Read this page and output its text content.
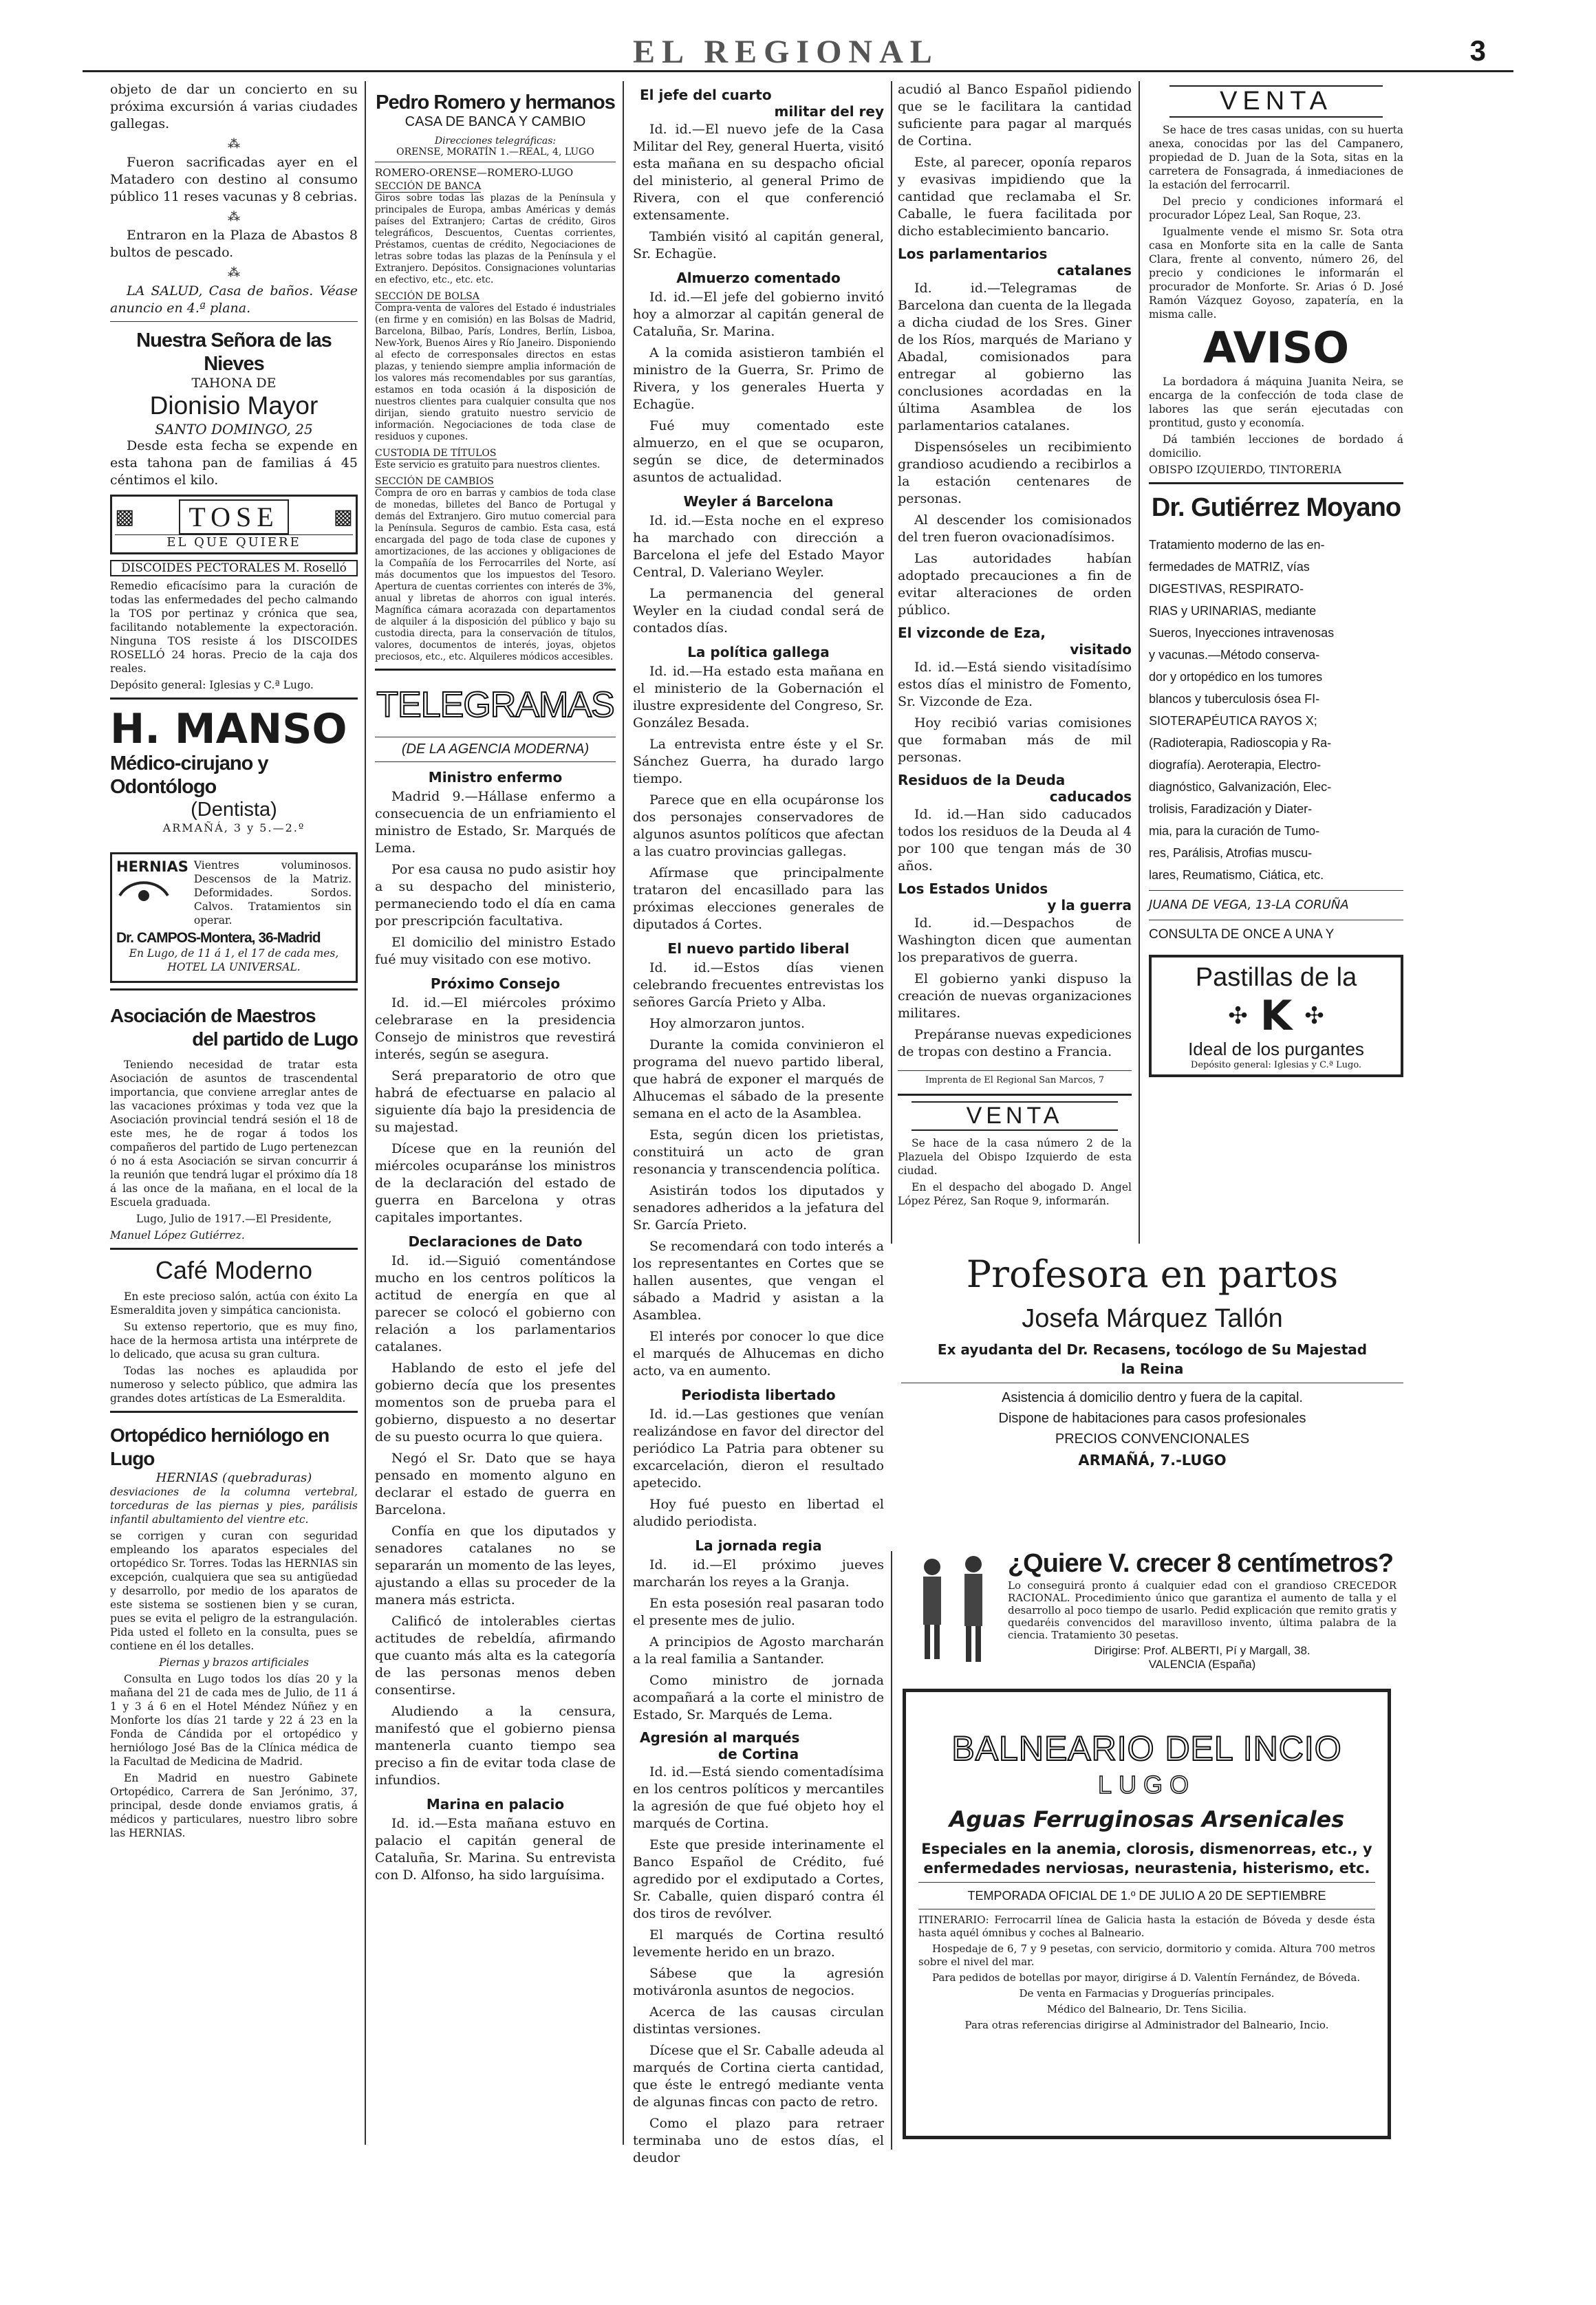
EL REGIONAL	3

objeto de dar un concierto en su próxima excursión á varias ciudades gallegas.

⁂

Fueron sacrificadas ayer en el Matadero con destino al consumo público 11 reses vacunas y 8 cebrias.

⁂

Entraron en la Plaza de Abastos 8 bultos de pescado.

⁂

LA SALUD, Casa de baños. Véase anuncio en 4.ª plana.

Nuestra Señora de las Nieves
TAHONA DE
Dionisio Mayor
SANTO DOMINGO, 25

Desde esta fecha se expende en esta tahona pan de familias á 45 céntimos el kilo.

▩	TOSE	▩
EL QUE QUIERE
DISCOIDES PECTORALES M. Roselló

Remedio eficacísimo para la curación de todas las enfermedades del pecho calmando la TOS por pertinaz y crónica que sea, facilitando notablemente la expectoración. Ninguna TOS resiste á los DISCOIDES ROSELLÓ 24 horas. Precio de la caja dos reales.

Depósito general: Iglesias y C.ª Lugo.

H. MANSO
Médico-cirujano y Odontólogo
(Dentista)
ARMAÑÁ, 3 y 5.—2.º
HERNIAS Vientres voluminosos. Descensos de la Matriz. Deformidades. Sordos. Calvos. Tratamientos sin operar.

Dr. CAMPOS-Montera, 36-Madrid

En Lugo, de 11 á 1, el 17 de cada mes, HOTEL LA UNIVERSAL.

Asociación de Maestros
del partido de Lugo

Teniendo necesidad de tratar esta Asociación de asuntos de trascendental importancia, que conviene arreglar antes de las vacaciones próximas y toda vez que la Asociación provincial tendrá sesión el 18 de este mes, he de rogar á todos los compañeros del partido de Lugo pertenezcan ó no á esta Asociación se sirvan concurrir á la reunión que tendrá lugar el próximo día 18 á las once de la mañana, en el local de la Escuela graduada.

Lugo, Julio de 1917.—El Presidente,

Manuel López Gutiérrez.

Café Moderno

En este precioso salón, actúa con éxito La Esmeraldita joven y simpática cancionista.

Su extenso repertorio, que es muy fino, hace de la hermosa artista una intérprete de lo delicado, que acusa su gran cultura.

Todas las noches es aplaudida por numeroso y selecto público, que admira las grandes dotes artísticas de La Esmeraldita.

Ortopédico herniólogo en Lugo
HERNIAS (quebraduras)

desviaciones de la columna vertebral, torceduras de las piernas y pies, parálisis infantil abultamiento del vientre etc.

se corrigen y curan con seguridad empleando los aparatos especiales del ortopédico Sr. Torres. Todas las HERNIAS sin excepción, cualquiera que sea su antigüedad y desarrollo, por medio de los aparatos de este sistema se sostienen bien y se curan, pues se evita el peligro de la estrangulación. Pida usted el folleto en la consulta, pues se contiene en él los detalles.

Piernas y brazos artificiales

Consulta en Lugo todos los días 20 y la mañana del 21 de cada mes de Julio, de 11 á 1 y 3 á 6 en el Hotel Méndez Núñez y en Monforte los días 21 tarde y 22 á 23 en la Fonda de Cándida por el ortopédico y herniólogo José Bas de la Clínica médica de la Facultad de Medicina de Madrid.

En Madrid en nuestro Gabinete Ortopédico, Carrera de San Jerónimo, 37, principal, desde donde enviamos gratis, á médicos y particulares, nuestro libro sobre las HERNIAS.

Pedro Romero y hermanos
CASA DE BANCA Y CAMBIO
Direcciones telegráficas:
ORENSE, MORATÍN 1.—REAL, 4, LUGO
ROMERO-ORENSE—ROMERO-LUGO
SECCIÓN DE BANCA

Giros sobre todas las plazas de la Península y principales de Europa, ambas Américas y demás países del Extranjero; Cartas de crédito, Giros telegráficos, Descuentos, Cuentas corrientes, Préstamos, cuentas de crédito, Negociaciones de letras sobre todas las plazas de la Península y el Extranjero. Depósitos. Consignaciones voluntarias en efectivo, etc., etc. etc.

SECCIÓN DE BOLSA

Compra-venta de valores del Estado é industriales (en firme y en comisión) en las Bolsas de Madrid, Barcelona, Bilbao, París, Londres, Berlín, Lisboa, New-York, Buenos Aires y Río Janeiro. Disponiendo al efecto de corresponsales directos en estas plazas, y teniendo siempre amplia información de los valores más recomendables por sus garantías, estamos en toda ocasión á la disposición de nuestros clientes para cualquier consulta que nos dirijan, siendo gratuito nuestro servicio de información. Negociaciones de toda clase de residuos y cupones.

CUSTODIA DE TÍTULOS

Este servicio es gratuito para nuestros clientes.

SECCIÓN DE CAMBIOS

Compra de oro en barras y cambios de toda clase de monedas, billetes del Banco de Portugal y demás del Extranjero. Giro mutuo comercial para la Península. Seguros de cambio. Esta casa, está encargada del pago de toda clase de cupones y amortizaciones, de las acciones y obligaciones de la Compañía de los Ferrocarriles del Norte, así más documentos que los impuestos del Tesoro. Apertura de cuentas corrientes con interés de 3%, anual y libretas de ahorros con igual interés. Magnífica cámara acorazada con departamentos de alquiler á la disposición del público y bajo su custodia directa, para la conservación de títulos, valores, documentos de interés, joyas, objetos preciosos, etc., etc. Alquileres módicos accesibles.

TELEGRAMAS
(DE LA AGENCIA MODERNA)
Ministro enfermo

Madrid 9.—Hállase enfermo a consecuencia de un enfriamiento el ministro de Estado, Sr. Marqués de Lema.

Por esa causa no pudo asistir hoy a su despacho del ministerio, permaneciendo todo el día en cama por prescripción facultativa.

El domicilio del ministro Estado fué muy visitado con ese motivo.

Próximo Consejo

Id. id.—El miércoles próximo celebrarase en la presidencia Consejo de ministros que revestirá interés, según se asegura.

Será preparatorio de otro que habrá de efectuarse en palacio al siguiente día bajo la presidencia de su majestad.

Dícese que en la reunión del miércoles ocuparánse los ministros de la declaración del estado de guerra en Barcelona y otras capitales importantes.

Declaraciones de Dato

Id. id.—Siguió comentándose mucho en los centros políticos la actitud de energía en que al parecer se colocó el gobierno con relación a los parlamentarios catalanes.

Hablando de esto el jefe del gobierno decía que los presentes momentos son de prueba para el gobierno, dispuesto a no desertar de su puesto ocurra lo que quiera.

Negó el Sr. Dato que se haya pensado en momento alguno en declarar el estado de guerra en Barcelona.

Confía en que los diputados y senadores catalanes no se separarán un momento de las leyes, ajustando a ellas su proceder de la manera más estricta.

Calificó de intolerables ciertas actitudes de rebeldía, afirmando que cuanto más alta es la categoría de las personas menos deben consentirse.

Aludiendo a la censura, manifestó que el gobierno piensa mantenerla cuanto tiempo sea preciso a fin de evitar toda clase de infundios.

Marina en palacio

Id. id.—Esta mañana estuvo en palacio el capitán general de Cataluña, Sr. Marina. Su entrevista con D. Alfonso, ha sido larguísima.

El jefe del cuarto
militar del rey

Id. id.—El nuevo jefe de la Casa Militar del Rey, general Huerta, visitó esta mañana en su despacho oficial del ministerio, al general Primo de Rivera, con el que conferenció extensamente.

También visitó al capitán general, Sr. Echagüe.

Almuerzo comentado

Id. id.—El jefe del gobierno invitó hoy a almorzar al capitán general de Cataluña, Sr. Marina.

A la comida asistieron también el ministro de la Guerra, Sr. Primo de Rivera, y los generales Huerta y Echagüe.

Fué muy comentado este almuerzo, en el que se ocuparon, según se dice, de determinados asuntos de actualidad.

Weyler á Barcelona

Id. id.—Esta noche en el expreso ha marchado con dirección a Barcelona el jefe del Estado Mayor Central, D. Valeriano Weyler.

La permanencia del general Weyler en la ciudad condal será de contados días.

La política gallega

Id. id.—Ha estado esta mañana en el ministerio de la Gobernación el ilustre expresidente del Congreso, Sr. González Besada.

La entrevista entre éste y el Sr. Sánchez Guerra, ha durado largo tiempo.

Parece que en ella ocupáronse los dos personajes conservadores de algunos asuntos políticos que afectan a las cuatro provincias gallegas.

Afírmase que principalmente trataron del encasillado para las próximas elecciones generales de diputados á Cortes.

El nuevo partido liberal

Id. id.—Estos días vienen celebrando frecuentes entrevistas los señores García Prieto y Alba.

Hoy almorzaron juntos.

Durante la comida convinieron el programa del nuevo partido liberal, que habrá de exponer el marqués de Alhucemas el sábado de la presente semana en el acto de la Asamblea.

Esta, según dicen los prietistas, constituirá un acto de gran resonancia y transcendencia política.

Asistirán todos los diputados y senadores adheridos a la jefatura del Sr. García Prieto.

Se recomendará con todo interés a los representantes en Cortes que se hallen ausentes, que vengan el sábado a Madrid y asistan a la Asamblea.

El interés por conocer lo que dice el marqués de Alhucemas en dicho acto, va en aumento.

Periodista libertado

Id. id.—Las gestiones que venían realizándose en favor del director del periódico La Patria para obtener su excarcelación, dieron el resultado apetecido.

Hoy fué puesto en libertad el aludido periodista.

La jornada regia

Id. id.—El próximo jueves marcharán los reyes a la Granja.

En esta posesión real pasaran todo el presente mes de julio.

A principios de Agosto marcharán a la real familia a Santander.

Como ministro de jornada acompañará a la corte el ministro de Estado, Sr. Marqués de Lema.

Agresión al marqués
de Cortina

Id. id.—Está siendo comentadísima en los centros políticos y mercantiles la agresión de que fué objeto hoy el marqués de Cortina.

Este que preside interinamente el Banco Español de Crédito, fué agredido por el exdiputado a Cortes, Sr. Caballe, quien disparó contra él dos tiros de revólver.

El marqués de Cortina resultó levemente herido en un brazo.

Sábese que la agresión motiváronla asuntos de negocios.

Acerca de las causas circulan distintas versiones.

Dícese que el Sr. Caballe adeuda al marqués de Cortina cierta cantidad, que éste le entregó mediante venta de algunas fincas con pacto de retro.

Como el plazo para retraer terminaba uno de estos días, el deudor

acudió al Banco Español pidiendo que se le facilitara la cantidad suficiente para pagar al marqués de Cortina.

Este, al parecer, oponía reparos y evasivas impidiendo que la cantidad que reclamaba el Sr. Caballe, le fuera facilitada por dicho establecimiento bancario.

Los parlamentarios
catalanes

Id. id.—Telegramas de Barcelona dan cuenta de la llegada a dicha ciudad de los Sres. Giner de los Ríos, marqués de Mariano y Abadal, comisionados para entregar al gobierno las conclusiones acordadas en la última Asamblea de los parlamentarios catalanes.

Dispensóseles un recibimiento grandioso acudiendo a recibirlos a la estación centenares de personas.

Al descender los comisionados del tren fueron ovacionadísimos.

Las autoridades habían adoptado precauciones a fin de evitar alteraciones de orden público.

El vizconde de Eza,
visitado

Id. id.—Está siendo visitadísimo estos días el ministro de Fomento, Sr. Vizconde de Eza.

Hoy recibió varias comisiones que formaban más de mil personas.

Residuos de la Deuda
caducados

Id. id.—Han sido caducados todos los residuos de la Deuda al 4 por 100 que tengan más de 30 años.

Los Estados Unidos
y la guerra

Id. id.—Despachos de Washington dicen que aumentan los preparativos de guerra.

El gobierno yanki dispuso la creación de nuevas organizaciones militares.

Prepáranse nuevas expediciones de tropas con destino a Francia.

Imprenta de El Regional San Marcos, 7
VENTA

Se hace de la casa número 2 de la Plazuela del Obispo Izquierdo de esta ciudad.

En el despacho del abogado D. Angel López Pérez, San Roque 9, informarán.

VENTA

Se hace de tres casas unidas, con su huerta anexa, conocidas por las del Campanero, propiedad de D. Juan de la Sota, sitas en la carretera de Fonsagrada, á inmediaciones de la estación del ferrocarril.

Del precio y condiciones informará el procurador López Leal, San Roque, 23.

Igualmente vende el mismo Sr. Sota otra casa en Monforte sita en la calle de Santa Clara, frente al convento, número 26, del precio y condiciones le informarán el procurador de Monforte. Sr. Arias ó D. José Ramón Vázquez Goyoso, zapatería, en la misma calle.

AVISO

La bordadora á máquina Juanita Neira, se encarga de la confección de toda clase de labores las que serán ejecutadas con prontitud, gusto y economía.

Dá también lecciones de bordado á domicilio.

OBISPO IZQUIERDO, TINTORERIA

Dr. Gutiérrez Moyano
Tratamiento moderno de las en-
fermedades de MATRIZ, vías
DIGESTIVAS, RESPIRATO-
RIAS y URINARIAS, mediante
Sueros, Inyecciones intravenosas
y vacunas.—Método conserva-
dor y ortopédico en los tumores
blancos y tuberculosis ósea FI-
SIOTERAPÉUTICA RAYOS X;
(Radioterapia, Radioscopia y Ra-
diografía). Aeroterapia, Electro-
diagnóstico, Galvanización, Elec-
trolisis, Faradización y Diater-
mia, para la curación de Tumo-
res, Parálisis, Atrofias muscu-
lares, Reumatismo, Ciática, etc.
JUANA DE VEGA, 13-LA CORUÑA
CONSULTA DE ONCE A UNA Y
Pastillas de la
✣ K ✣
Ideal de los purgantes
Depósito general: Iglesias y C.ª Lugo.
Profesora en partos
Josefa Márquez Tallón
Ex ayudanta del Dr. Recasens, tocólogo de Su Majestad la Reina
Asistencia á domicilio dentro y fuera de la capital.
Dispone de habitaciones para casos profesionales
PRECIOS CONVENCIONALES
ARMAÑÁ, 7.-LUGO
¿Quiere V. crecer 8 centímetros?

Lo conseguirá pronto á cualquier edad con el grandioso CRECEDOR RACIONAL. Procedimiento único que garantiza el aumento de talla y el desarrollo al poco tiempo de usarlo. Pedid explicación que remito gratis y quedaréis convencidos del maravilloso invento, última palabra de la ciencia. Tratamiento 30 pesetas.

Dirigirse: Prof. ALBERTI, Pí y Margall, 38.
VALENCIA (España)
BALNEARIO DEL INCIO
LUGO
Aguas Ferruginosas Arsenicales
Especiales en la anemia, clorosis, dismenorreas, etc., y enfermedades nerviosas, neurastenia, histerismo, etc.
TEMPORADA OFICIAL DE 1.º DE JULIO A 20 DE SEPTIEMBRE

ITINERARIO: Ferrocarril línea de Galicia hasta la estación de Bóveda y desde ésta hasta aquél ómnibus y coches al Balneario.

Hospedaje de 6, 7 y 9 pesetas, con servicio, dormitorio y comida. Altura 700 metros sobre el nivel del mar.

Para pedidos de botellas por mayor, dirigirse á D. Valentín Fernández, de Bóveda.

De venta en Farmacias y Droguerías principales.

Médico del Balneario, Dr. Tens Sicilia.

Para otras referencias dirigirse al Administrador del Balneario, Incio.
